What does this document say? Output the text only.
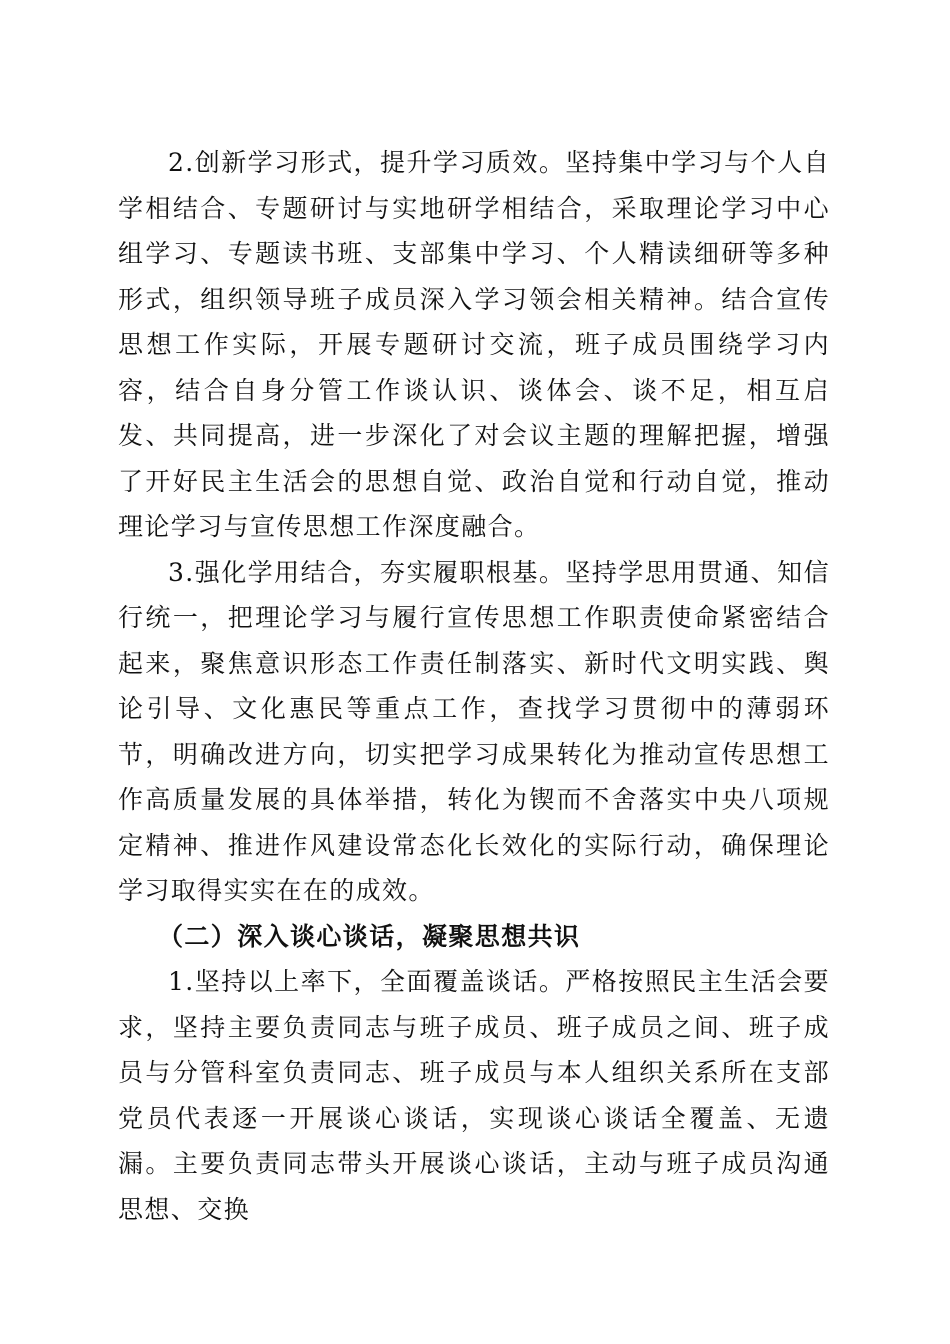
2.创新学习形式，提升学习质效。坚持集中学习与个人自学相结合、专题研讨与实地研学相结合，采取理论学习中心组学习、专题读书班、支部集中学习、个人精读细研等多种形式，组织领导班子成员深入学习领会相关精神。结合宣传思想工作实际，开展专题研讨交流，班子成员围绕学习内容，结合自身分管工作谈认识、谈体会、谈不足，相互启发、共同提高，进一步深化了对会议主题的理解把握，增强了开好民主生活会的思想自觉、政治自觉和行动自觉，推动理论学习与宣传思想工作深度融合。

3.强化学用结合，夯实履职根基。坚持学思用贯通、知信行统一，把理论学习与履行宣传思想工作职责使命紧密结合起来，聚焦意识形态工作责任制落实、新时代文明实践、舆论引导、文化惠民等重点工作，查找学习贯彻中的薄弱环节，明确改进方向，切实把学习成果转化为推动宣传思想工作高质量发展的具体举措，转化为锲而不舍落实中央八项规定精神、推进作风建设常态化长效化的实际行动，确保理论学习取得实实在在的成效。

（二）深入谈心谈话，凝聚思想共识

1.坚持以上率下，全面覆盖谈话。严格按照民主生活会要求，坚持主要负责同志与班子成员、班子成员之间、班子成员与分管科室负责同志、班子成员与本人组织关系所在支部党员代表逐一开展谈心谈话，实现谈心谈话全覆盖、无遗漏。主要负责同志带头开展谈心谈话，主动与班子成员沟通思想、交换
